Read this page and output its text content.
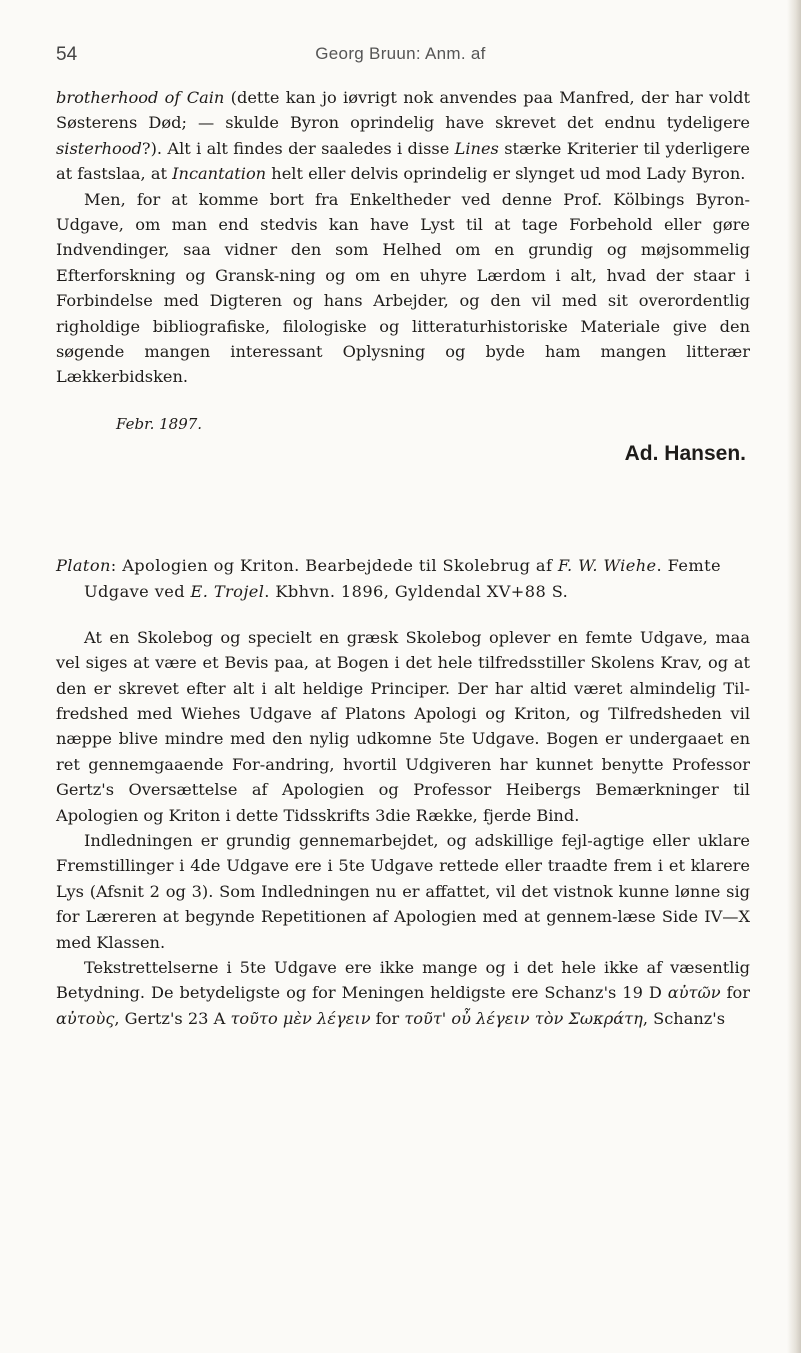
54	Georg Bruun: Anm. af

brotherhood of Cain (dette kan jo iøvrigt nok anvendes paa Manfred, der har voldt Søsterens Død; — skulde Byron oprindelig have skrevet det endnu tydeligere sisterhood?). Alt i alt findes der saaledes i disse Lines stærke Kriterier til yderligere at fastslaa, at Incantation helt eller delvis oprindelig er slynget ud mod Lady Byron.

Men, for at komme bort fra Enkeltheder ved denne Prof. Kölbings Byron-Udgave, om man end stedvis kan have Lyst til at tage Forbehold eller gøre Indvendinger, saa vidner den som Helhed om en grundig og møjsommelig Efterforskning og Gransk-ning og om en uhyre Lærdom i alt, hvad der staar i Forbindelse med Digteren og hans Arbejder, og den vil med sit overordentlig righoldige bibliografiske, filologiske og litteraturhistoriske Materiale give den søgende mangen interessant Oplysning og byde ham mangen litterær Lækkerbidsken.

Febr. 1897.

Ad. Hansen.

Platon: Apologien og Kriton. Bearbejdede til Skolebrug af F. W. Wiehe. Femte Udgave ved E. Trojel. Kbhvn. 1896, Gyldendal XV+88 S.

At en Skolebog og specielt en græsk Skolebog oplever en femte Udgave, maa vel siges at være et Bevis paa, at Bogen i det hele tilfredsstiller Skolens Krav, og at den er skrevet efter alt i alt heldige Principer. Der har altid været almindelig Til-fredshed med Wiehes Udgave af Platons Apologi og Kriton, og Tilfredsheden vil næppe blive mindre med den nylig udkomne 5te Udgave. Bogen er undergaaet en ret gennemgaaende For-andring, hvortil Udgiveren har kunnet benytte Professor Gertz's Oversættelse af Apologien og Professor Heibergs Bemærkninger til Apologien og Kriton i dette Tidsskrifts 3die Række, fjerde Bind.

Indledningen er grundig gennemarbejdet, og adskillige fejl-agtige eller uklare Fremstillinger i 4de Udgave ere i 5te Udgave rettede eller traadte frem i et klarere Lys (Afsnit 2 og 3). Som Indledningen nu er affattet, vil det vistnok kunne lønne sig for Læreren at begynde Repetitionen af Apologien med at gennem-læse Side IV—X med Klassen.

Tekstrettelserne i 5te Udgave ere ikke mange og i det hele ikke af væsentlig Betydning. De betydeligste og for Meningen heldigste ere Schanz's 19 D αὐτῶν for αὐτοὺς, Gertz's 23 A τοῦτο μὲν λέγειν for τοῦτ' οὖ λέγειν τὸν Σωκράτη, Schanz's
